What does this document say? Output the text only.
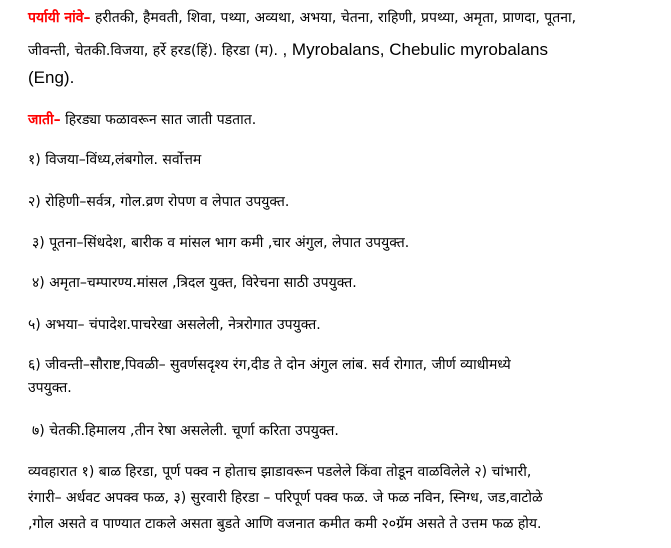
पर्यायी नांवे– हरीतकी, हैमवती, शिवा, पथ्या, अव्यथा, अभया, चेतना, राहिणी, प्रपथ्या, अमृता, प्राणदा, पूतना,
जीवन्ती, चेतकी.विजया, हर्रे हरड(हिं). हिरडा (म). , Myrobalans, Chebulic myrobalans
(Eng).
जाती– हिरड्या फळावरून सात जाती पडतात.
१) विजया–विंध्य,लंबगोल. सर्वोत्तम
२) रोहिणी–सर्वत्र, गोल.व्रण रोपण व लेपात उपयुक्त.
३) पूतना–सिंधदेश, बारीक व मांसल भाग कमी ,चार अंगुल, लेपात उपयुक्त.
४) अमृता–चम्पारण्य.मांसल ,त्रिदल युक्त, विरेचना साठी उपयुक्त.
५) अभया– चंपादेश.पाचरेखा असलेली, नेत्ररोगात उपयुक्त.
६) जीवन्ती–सौराष्ट,पिवळी– सुवर्णसदृश्य रंग,दीड ते दोन अंगुल लांब. सर्व रोगात, जीर्ण व्याधीमध्ये
उपयुक्त.
७) चेतकी.हिमालय ,तीन रेषा असलेली. चूर्णा करिता उपयुक्त.
व्यवहारात १) बाळ हिरडा, पूर्ण पक्व न होताच झाडावरून पडलेले किंवा तोडून वाळविलेले २) चांभारी,
रंगारी– अर्धवट अपक्व फळ, ३) सुरवारी हिरडा – परिपूर्ण पक्व फळ. जे फळ नविन, स्निग्ध, जड,वाटोळे
,गोल असते व पाण्यात टाकले असता बुडते आणि वजनात कमीत कमी २०ग्रॅम असते ते उत्तम फळ होय.
